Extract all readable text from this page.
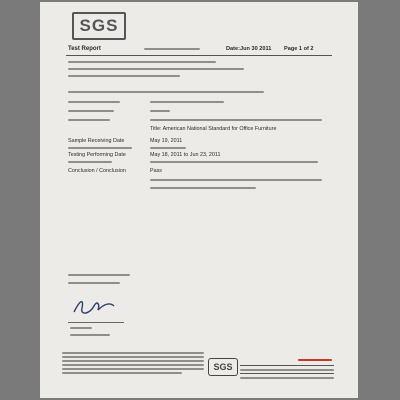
SGS
Test Report	Date:Jun 30 2011 Page 1 of 2
Title: American National Standard for Office Furniture
Sample Receiving Date	May 19, 2011
Testing Performing Date	May 18, 2011 to Jun 23, 2011
Conclusion / Conclusion	Pass
SGS
